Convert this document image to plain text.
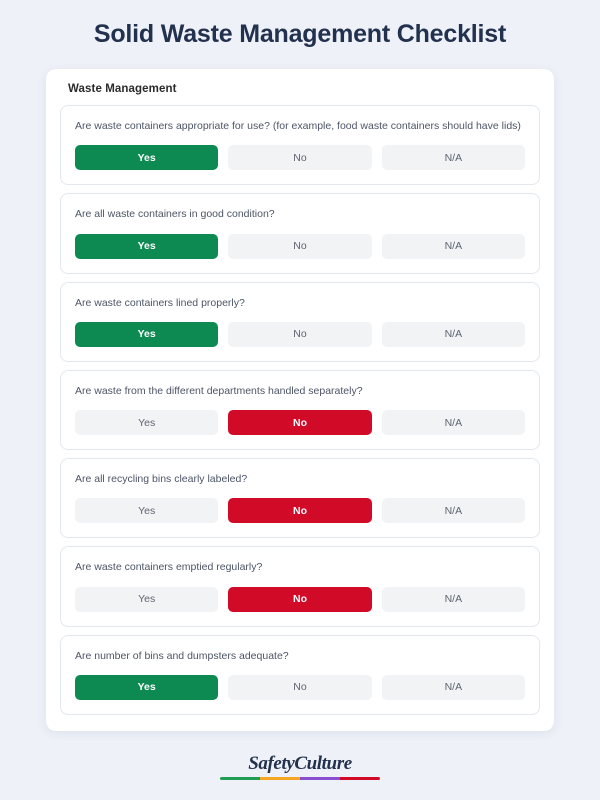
Solid Waste Management Checklist
Waste Management
Are waste containers appropriate for use? (for example, food waste containers should have lids)
Yes	No	N/A
Are all waste containers in good condition?
Yes	No	N/A
Are waste containers lined properly?
Yes	No	N/A
Are waste from the different departments handled separately?
Yes	No	N/A
Are all recycling bins clearly labeled?
Yes	No	N/A
Are waste containers emptied regularly?
Yes	No	N/A
Are number of bins and dumpsters adequate?
Yes	No	N/A
SafetyCulture
